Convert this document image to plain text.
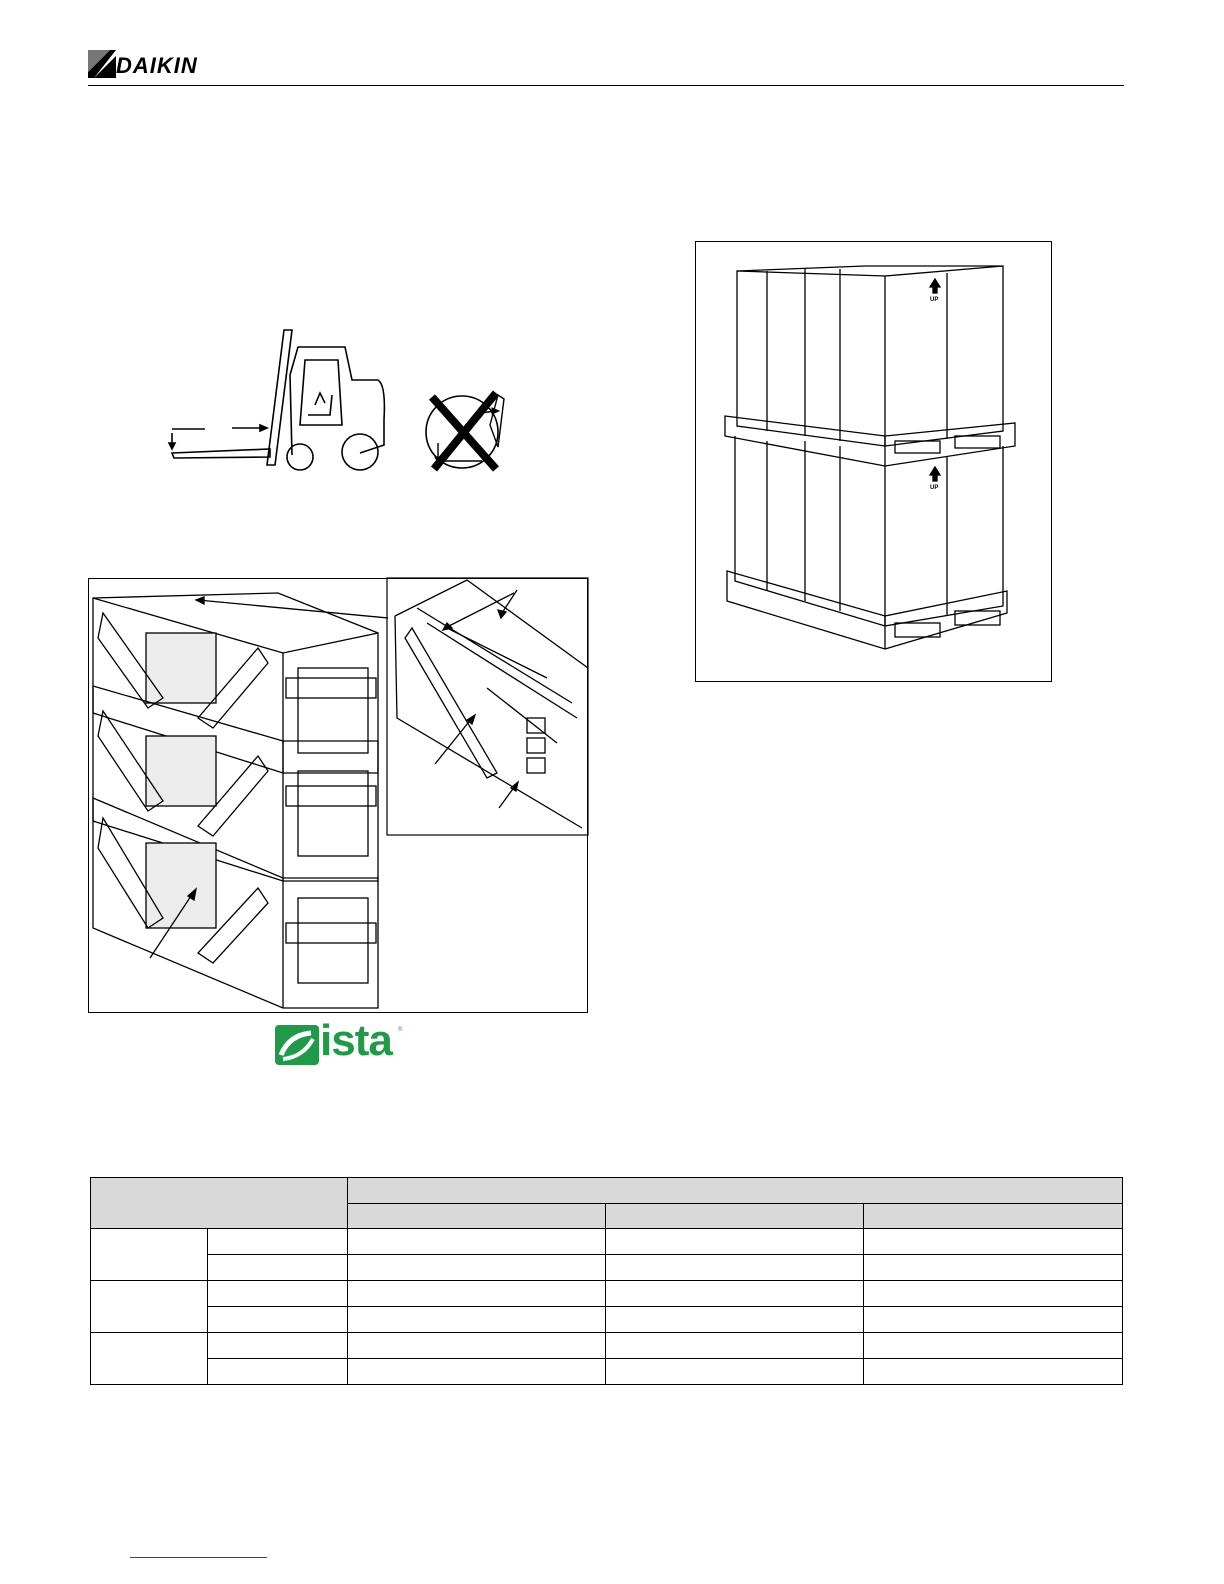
DAIKIN
ista ®
UP
UP
